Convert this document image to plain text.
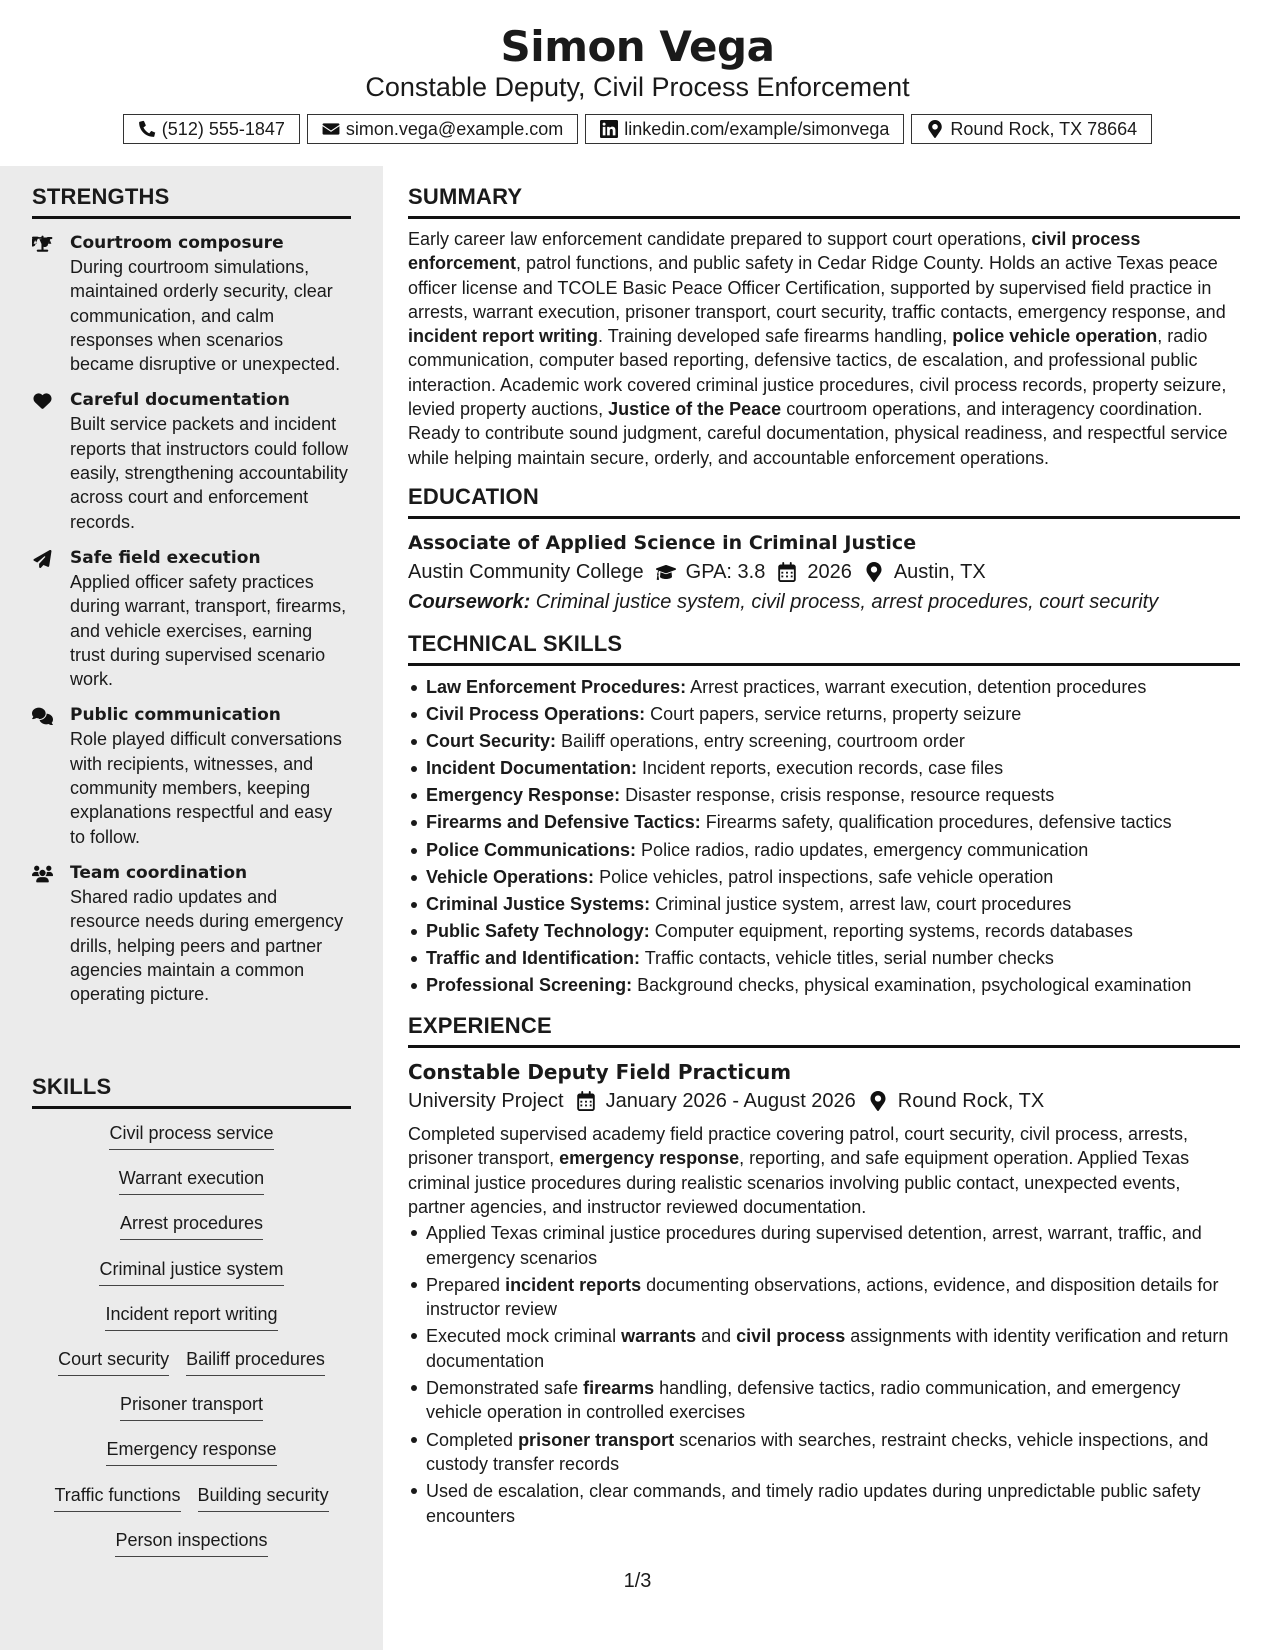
Simon Vega
Constable Deputy, Civil Process Enforcement
(512) 555-1847	simon.vega@example.com	linkedin.com/example/simonvega	Round Rock, TX 78664
STRENGTHS
Courtroom composure
During courtroom simulations, maintained orderly security, clear communication, and calm responses when scenarios became disruptive or unexpected.
Careful documentation
Built service packets and incident reports that instructors could follow easily, strengthening accountability across court and enforcement records.
Safe field execution
Applied officer safety practices during warrant, transport, firearms, and vehicle exercises, earning trust during supervised scenario work.
Public communication
Role played difficult conversations with recipients, witnesses, and community members, keeping explanations respectful and easy to follow.
Team coordination
Shared radio updates and resource needs during emergency drills, helping peers and partner agencies maintain a common operating picture.
SKILLS
Civil process service
Warrant execution
Arrest procedures
Criminal justice system
Incident report writing
Court security Bailiff procedures
Prisoner transport
Emergency response
Traffic functions Building security
Person inspections
SUMMARY
Early career law enforcement candidate prepared to support court operations, civil process enforcement, patrol functions, and public safety in Cedar Ridge County. Holds an active Texas peace officer license and TCOLE Basic Peace Officer Certification, supported by supervised field practice in arrests, warrant execution, prisoner transport, court security, traffic contacts, emergency response, and incident report writing. Training developed safe firearms handling, police vehicle operation, radio communication, computer based reporting, defensive tactics, de escalation, and professional public interaction. Academic work covered criminal justice procedures, civil process records, property seizure, levied property auctions, Justice of the Peace courtroom operations, and interagency coordination. Ready to contribute sound judgment, careful documentation, physical readiness, and respectful service while helping maintain secure, orderly, and accountable enforcement operations.
EDUCATION
Associate of Applied Science in Criminal Justice
Austin Community College GPA: 3.8 2026 Austin, TX
Coursework: Criminal justice system, civil process, arrest procedures, court security
TECHNICAL SKILLS
Law Enforcement Procedures: Arrest practices, warrant execution, detention procedures
Civil Process Operations: Court papers, service returns, property seizure
Court Security: Bailiff operations, entry screening, courtroom order
Incident Documentation: Incident reports, execution records, case files
Emergency Response: Disaster response, crisis response, resource requests
Firearms and Defensive Tactics: Firearms safety, qualification procedures, defensive tactics
Police Communications: Police radios, radio updates, emergency communication
Vehicle Operations: Police vehicles, patrol inspections, safe vehicle operation
Criminal Justice Systems: Criminal justice system, arrest law, court procedures
Public Safety Technology: Computer equipment, reporting systems, records databases
Traffic and Identification: Traffic contacts, vehicle titles, serial number checks
Professional Screening: Background checks, physical examination, psychological examination
EXPERIENCE
Constable Deputy Field Practicum
University Project January 2026 - August 2026 Round Rock, TX
Completed supervised academy field practice covering patrol, court security, civil process, arrests, prisoner transport, emergency response, reporting, and safe equipment operation. Applied Texas criminal justice procedures during realistic scenarios involving public contact, unexpected events, partner agencies, and instructor reviewed documentation.
Applied Texas criminal justice procedures during supervised detention, arrest, warrant, traffic, and emergency scenarios
Prepared incident reports documenting observations, actions, evidence, and disposition details for instructor review
Executed mock criminal warrants and civil process assignments with identity verification and return documentation
Demonstrated safe firearms handling, defensive tactics, radio communication, and emergency vehicle operation in controlled exercises
Completed prisoner transport scenarios with searches, restraint checks, vehicle inspections, and custody transfer records
Used de escalation, clear commands, and timely radio updates during unpredictable public safety encounters
1/3
